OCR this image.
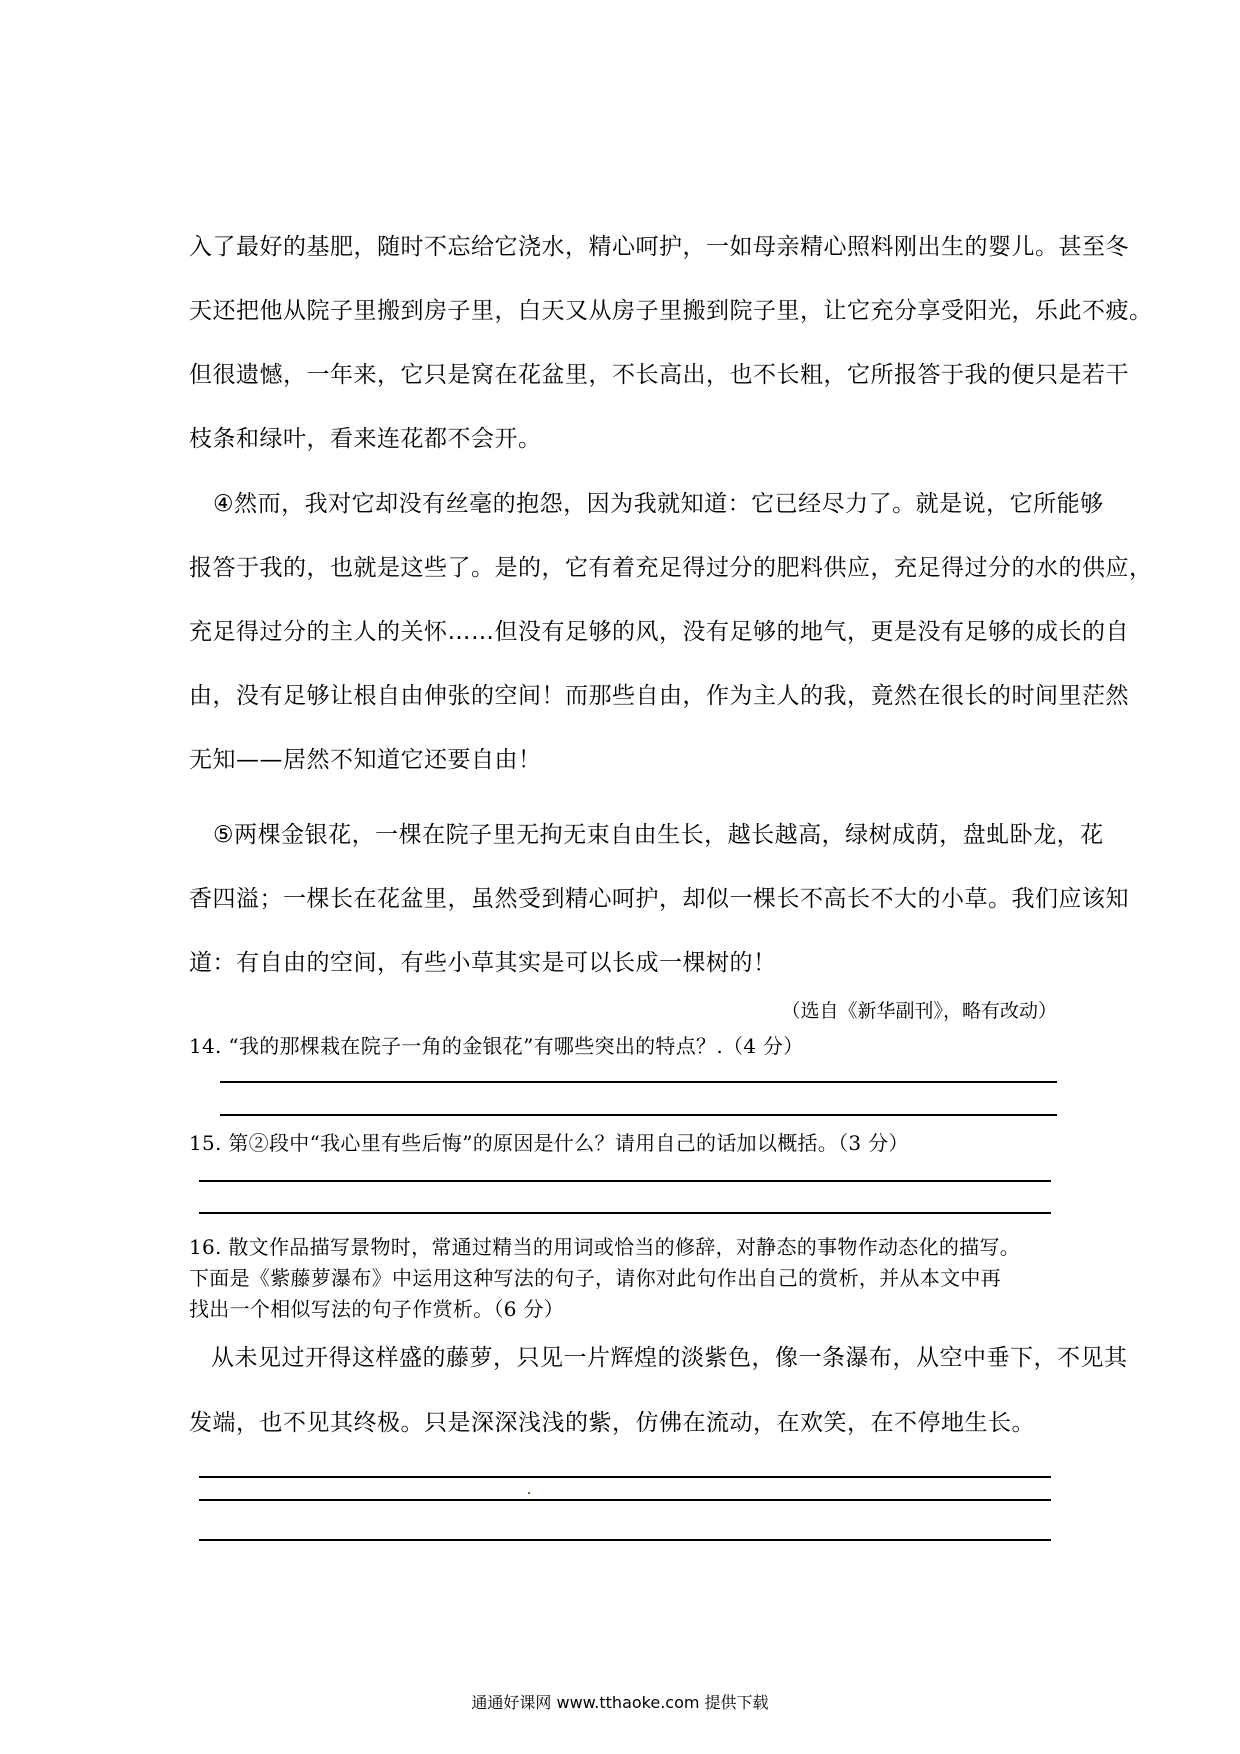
入了最好的基肥，随时不忘给它浇水，精心呵护，一如母亲精心照料刚出生的婴儿。甚至冬
天还把他从院子里搬到房子里，白天又从房子里搬到院子里，让它充分享受阳光，乐此不疲。
但很遗憾，一年来，它只是窝在花盆里，不长高出，也不长粗，它所报答于我的便只是若干
枝条和绿叶，看来连花都不会开。
④然而，我对它却没有丝毫的抱怨，因为我就知道：它已经尽力了。就是说，它所能够
报答于我的，也就是这些了。是的，它有着充足得过分的肥料供应，充足得过分的水的供应，
充足得过分的主人的关怀……但没有足够的风，没有足够的地气，更是没有足够的成长的自
由，没有足够让根自由伸张的空间！而那些自由，作为主人的我，竟然在很长的时间里茫然
无知——居然不知道它还要自由！
⑤两棵金银花，一棵在院子里无拘无束自由生长，越长越高，绿树成荫，盘虬卧龙，花
香四溢；一棵长在花盆里，虽然受到精心呵护，却似一棵长不高长不大的小草。我们应该知
道：有自由的空间，有些小草其实是可以长成一棵树的！
（选自《新华副刊》，略有改动）
14. “我的那棵栽在院子一角的金银花”有哪些突出的特点？.（4 分）
15. 第②段中“我心里有些后悔”的原因是什么？请用自己的话加以概括。（3 分）
16. 散文作品描写景物时，常通过精当的用词或恰当的修辞，对静态的事物作动态化的描写。
下面是《紫藤萝瀑布》中运用这种写法的句子，请你对此句作出自己的赏析，并从本文中再
找出一个相似写法的句子作赏析。（6 分）
从未见过开得这样盛的藤萝，只见一片辉煌的淡紫色，像一条瀑布，从空中垂下，不见其
发端，也不见其终极。只是深深浅浅的紫，仿佛在流动，在欢笑，在不停地生长。
通通好课网 www.tthaoke.com 提供下载
